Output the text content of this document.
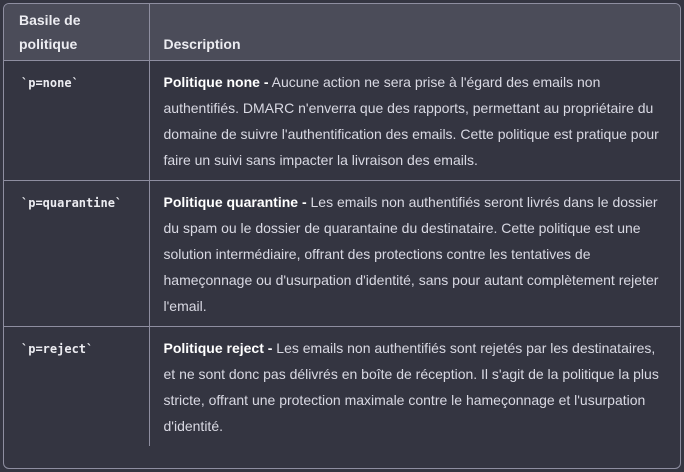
Basile de politique	Description
`p=none`	Politique none - Aucune action ne sera prise à l'égard des emails non authentifiés. DMARC n'enverra que des rapports, permettant au propriétaire du domaine de suivre l'authentification des emails. Cette politique est pratique pour faire un suivi sans impacter la livraison des emails.
`p=quarantine`	Politique quarantine - Les emails non authentifiés seront livrés dans le dossier du spam ou le dossier de quarantaine du destinataire. Cette politique est une solution intermédiaire, offrant des protections contre les tentatives de hameçonnage ou d'usurpation d'identité, sans pour autant complètement rejeter l'email.
`p=reject`	Politique reject - Les emails non authentifiés sont rejetés par les destinataires, et ne sont donc pas délivrés en boîte de réception. Il s'agit de la politique la plus stricte, offrant une protection maximale contre le hameçonnage et l'usurpation d'identité.
